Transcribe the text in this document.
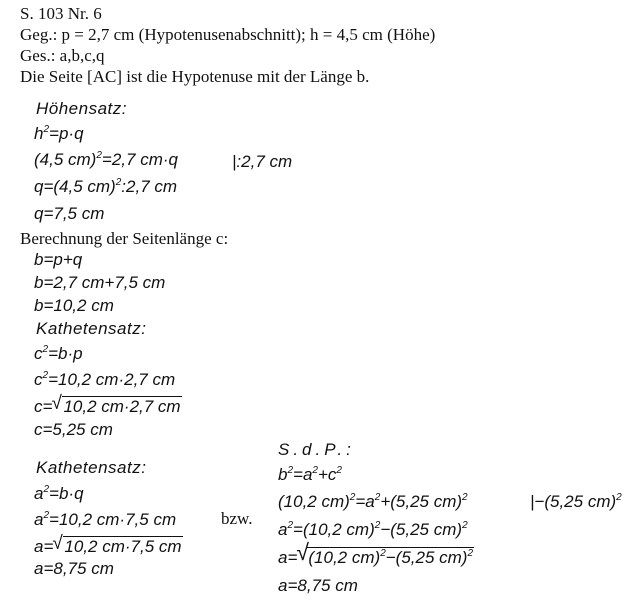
S. 103 Nr. 6
Geg.: p = 2,7 cm (Hypotenusenabschnitt); h = 4,5 cm (Höhe)
Ges.: a,b,c,q
Die Seite [AC] ist die Hypotenuse mit der Länge b.
Höhensatz:
$h^2=p\cdot q$
(4,5 cm)$^2$=2,7 cm·q	|:2,7 cm
q=(4,5 cm)$^2$:2,7 cm
q=7,5 cm
Berechnung der Seitenlänge c:
b=p+q
b=2,7 cm+7,5 cm
b=10,2 cm
Kathetensatz:
$c^2=b\cdot p$
$c^2=10,2$ cm·2,7 cm
c= √ 10,2 cm·2,7 cm
c=5,25 cm
Kathetensatz:
$a^2=b\cdot q$
$a^2=10,2$ cm·7,5 cm
a= √ 10,2 cm·7,5 cm
a=8,75 cm
bzw.
S.d.P.:
$b^2=a^2+c^2$
(10,2 $cm)^2=a^2+(5,25$ cm)$^2$	|−(5,25 cm)$^2$
$a^2=(10,2$ cm)$^2$−(5,25 cm)$^2$
a= √ (10,2 cm)$^2$−(5,25 cm)$^2$
a=8,75 cm
